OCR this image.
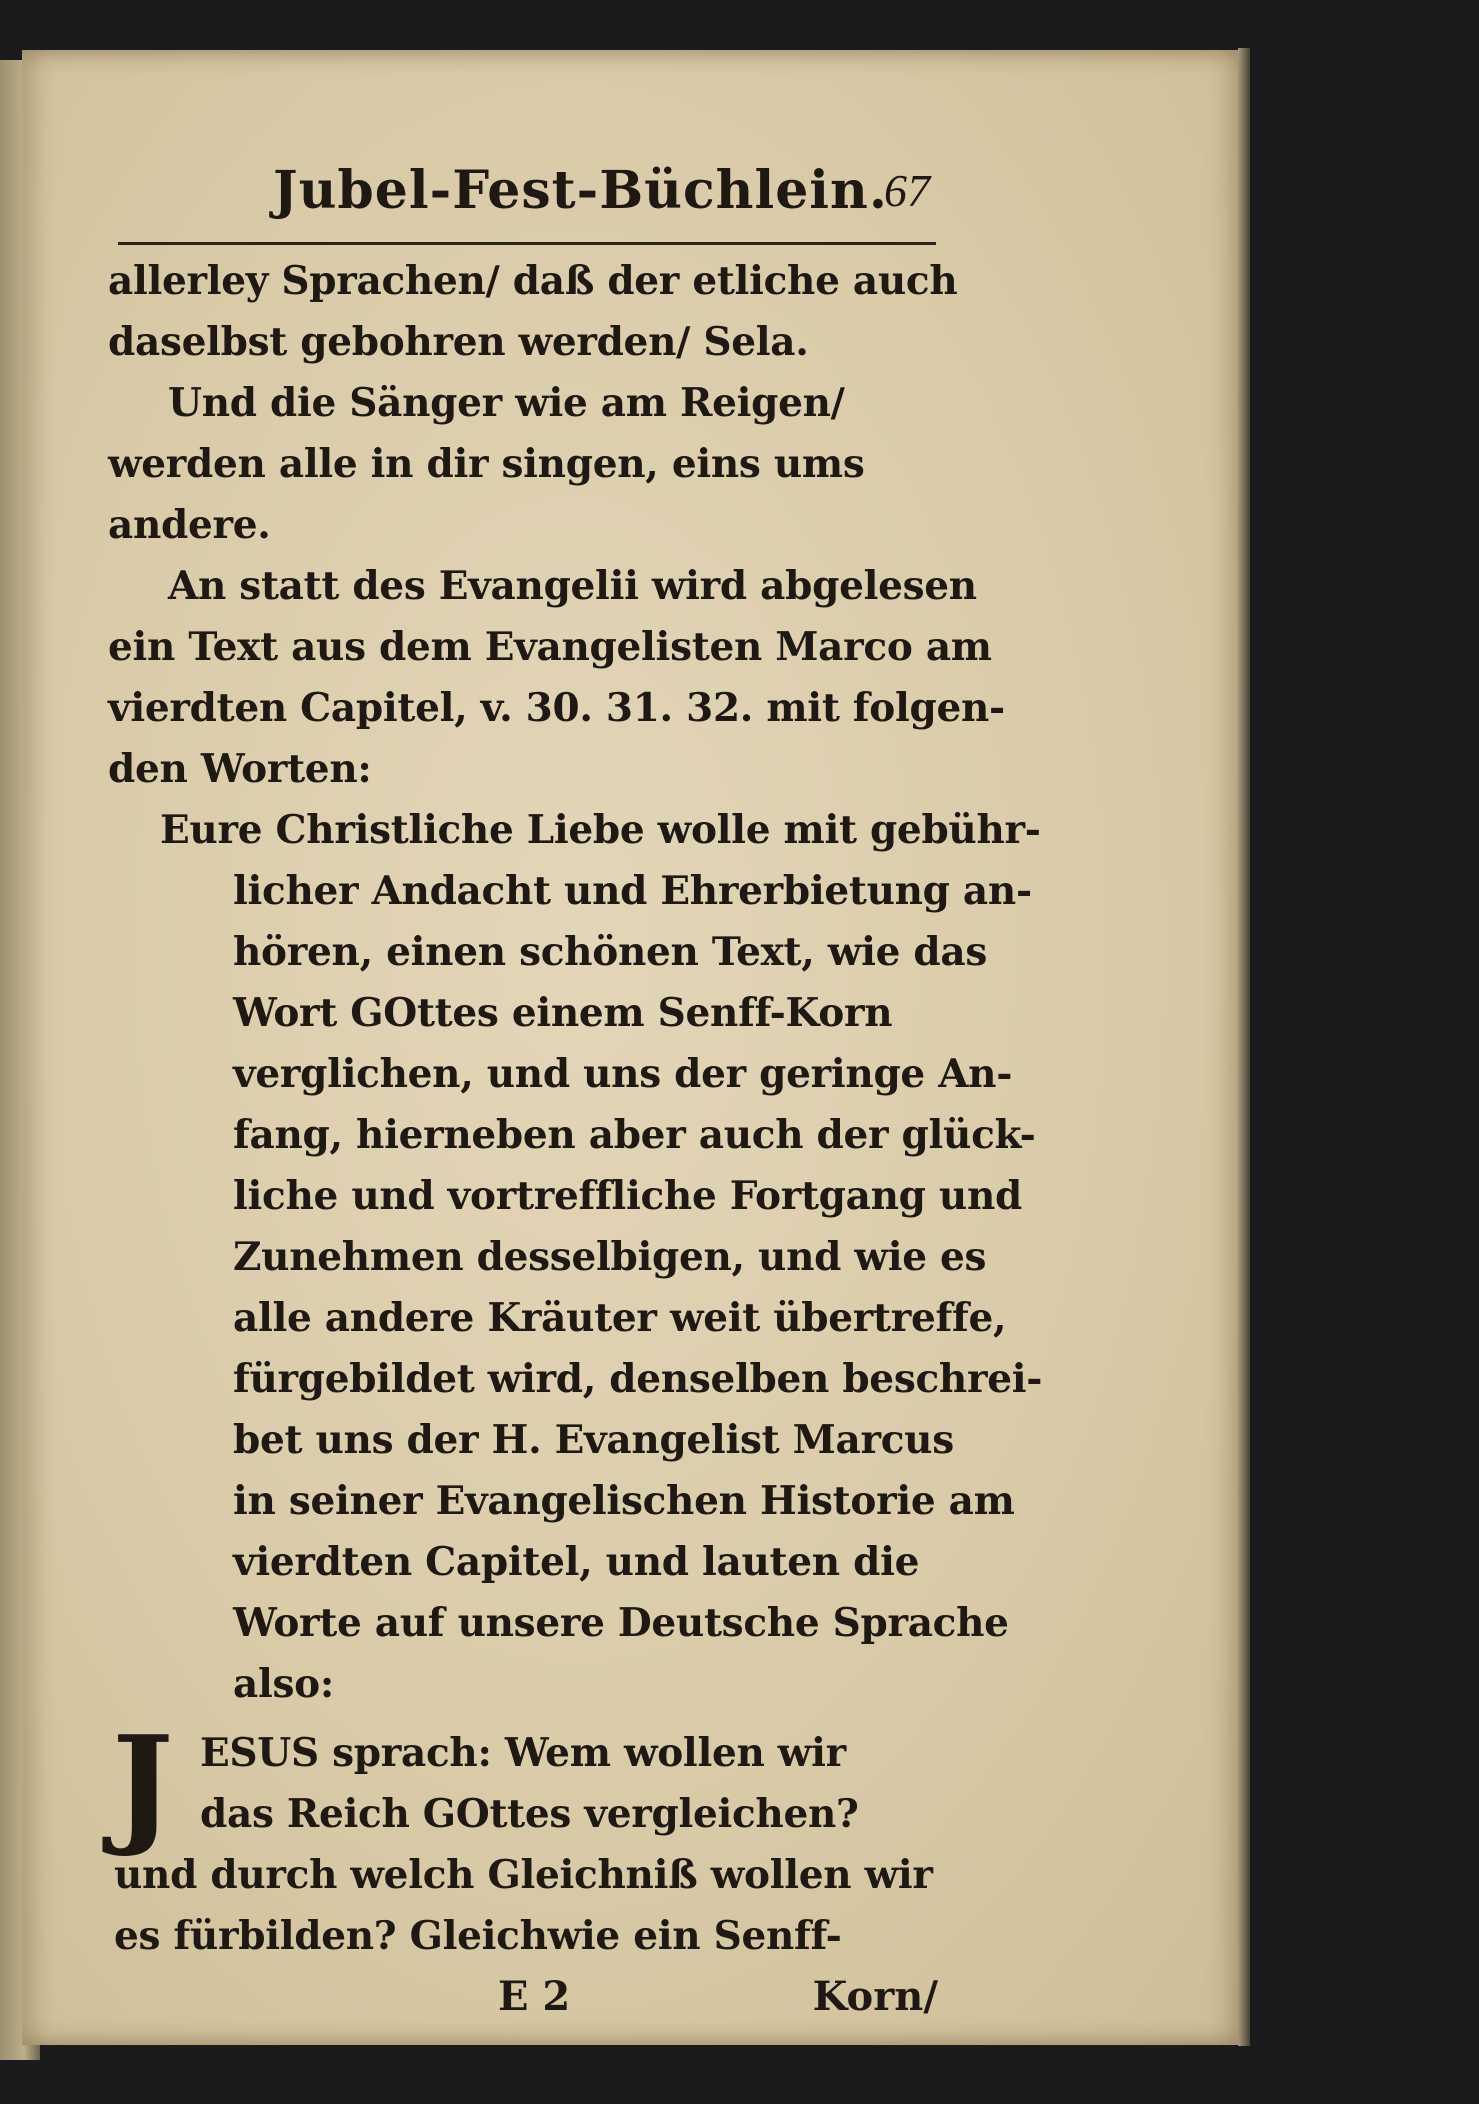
Jubel-Fest-Büchlein.
67
allerley Sprachen/ daß der etliche auch
daselbst gebohren werden/ Sela.
Und die Sänger wie am Reigen/
werden alle in dir singen, eins ums
andere.
An statt des Evangelii wird abgelesen
ein Text aus dem Evangelisten Marco am
vierdten Capitel, v. 30. 31. 32. mit folgen-
den Worten:
Eure Christliche Liebe wolle mit gebühr-
licher Andacht und Ehrerbietung an-
hören, einen schönen Text, wie das
Wort GOttes einem Senff-Korn
verglichen, und uns der geringe An-
fang, hierneben aber auch der glück-
liche und vortreffliche Fortgang und
Zunehmen desselbigen, und wie es
alle andere Kräuter weit übertreffe,
fürgebildet wird, denselben beschrei-
bet uns der H. Evangelist Marcus
in seiner Evangelischen Historie am
vierdten Capitel, und lauten die
Worte auf unsere Deutsche Sprache
also:
J ESUS sprach: Wem wollen wir
das Reich GOttes vergleichen?
und durch welch Gleichniß wollen wir
es fürbilden? Gleichwie ein Senff-
E 2	Korn/
